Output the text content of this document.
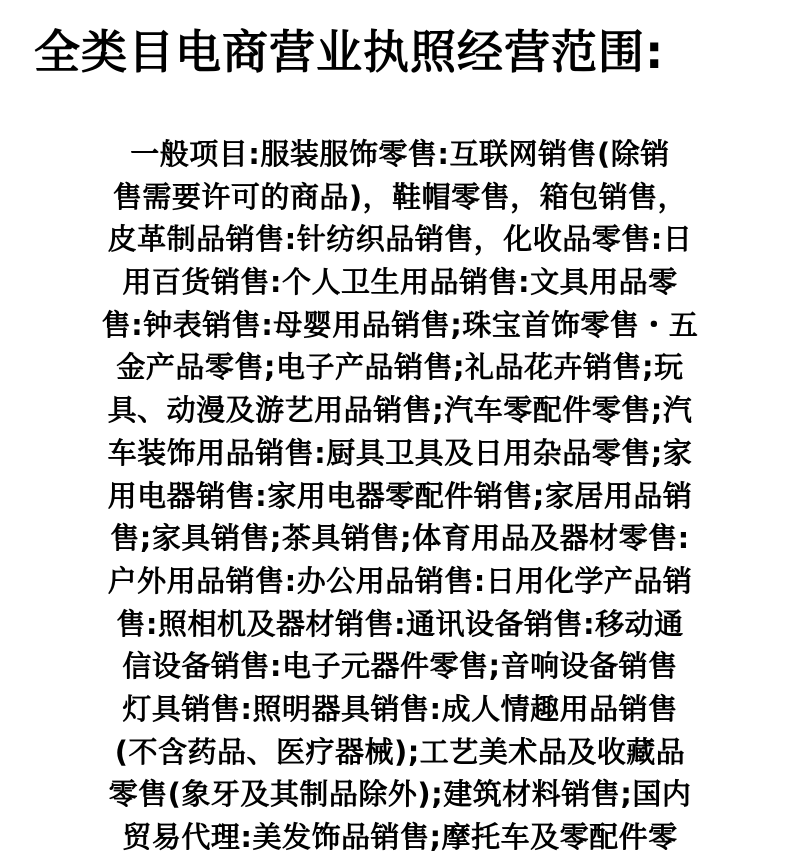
全类目电商营业执照经营范围:
一般项目:服装服饰零售:互联网销售(除销
售需要许可的商品)，鞋帽零售，箱包销售，
皮革制品销售:针纺织品销售，化收品零售:日
用百货销售:个人卫生用品销售:文具用品零
售:钟表销售:母婴用品销售;珠宝首饰零售・五
金产品零售;电子产品销售;礼品花卉销售;玩
具、动漫及游艺用品销售;汽车零配件零售;汽
车装饰用品销售:厨具卫具及日用杂品零售;家
用电器销售:家用电器零配件销售;家居用品销
售;家具销售;茶具销售;体育用品及器材零售:
户外用品销售:办公用品销售:日用化学产品销
售:照相机及器材销售:通讯设备销售:移动通
信设备销售:电子元器件零售;音响设备销售
灯具销售:照明器具销售:成人情趣用品销售
(不含药品、医疗器械);工艺美术品及收藏品
零售(象牙及其制品除外);建筑材料销售;国内
贸易代理:美发饰品销售;摩托车及零配件零
